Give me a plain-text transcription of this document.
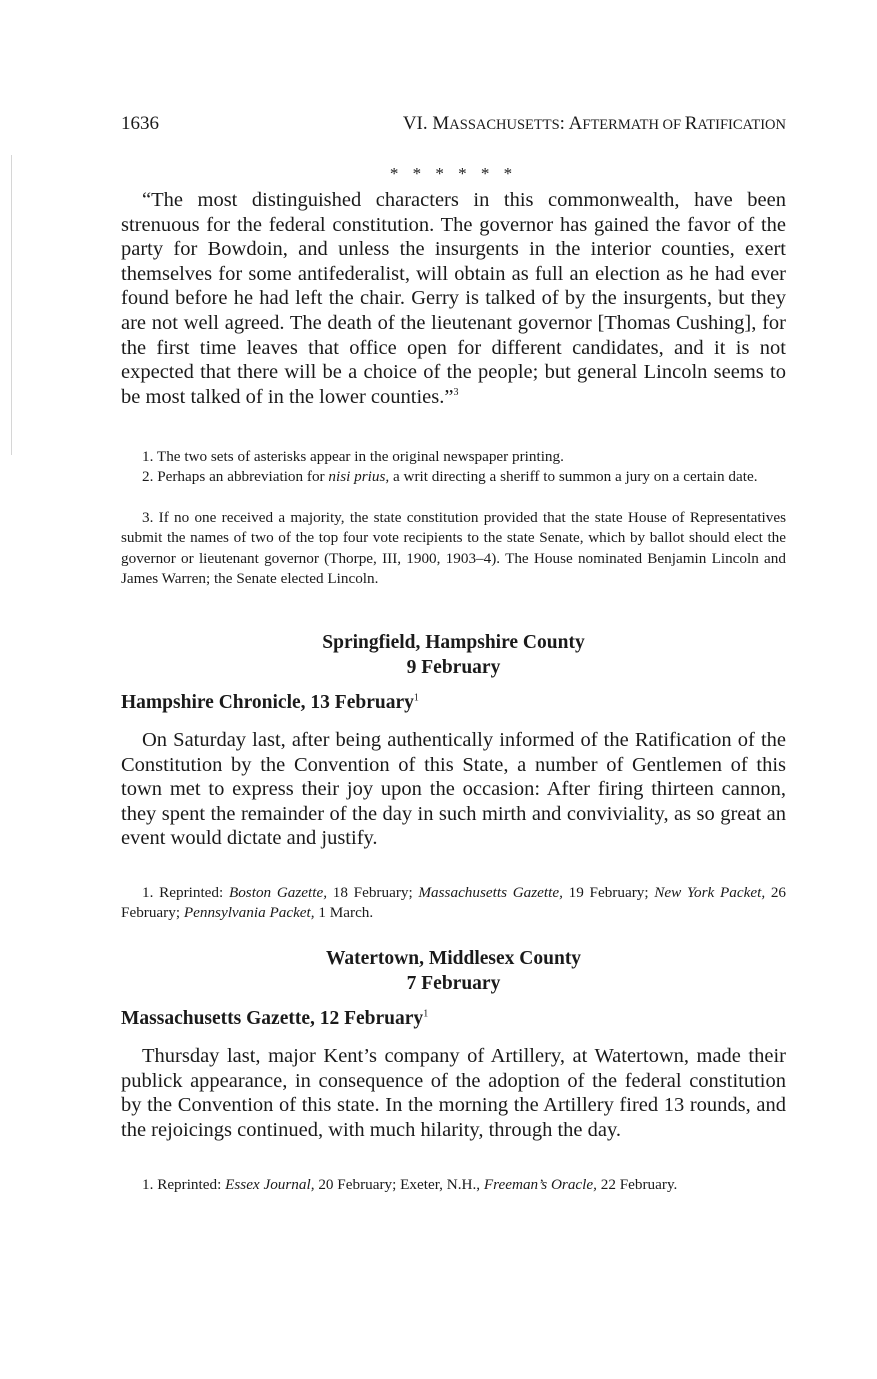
1636	VI. MASSACHUSETTS: AFTERMATH OF RATIFICATION
* * * * * *

“The most distinguished characters in this commonwealth, have been strenuous for the federal constitution. The governor has gained the favor of the party for Bowdoin, and unless the insurgents in the interior counties, exert themselves for some antifederalist, will obtain as full an election as he had ever found before he had left the chair. Gerry is talked of by the insurgents, but they are not well agreed. The death of the lieutenant governor [Thomas Cushing], for the first time leaves that office open for different candidates, and it is not expected that there will be a choice of the people; but general Lincoln seems to be most talked of in the lower counties.”$^3$

1. The two sets of asterisks appear in the original newspaper printing.

2. Perhaps an abbreviation for nisi prius, a writ directing a sheriff to summon a jury on a certain date.

3. If no one received a majority, the state constitution provided that the state House of Representatives submit the names of two of the top four vote recipients to the state Senate, which by ballot should elect the governor or lieutenant governor (Thorpe, III, 1900, 1903–4). The House nominated Benjamin Lincoln and James Warren; the Senate elected Lincoln.

Springfield, Hampshire County
9 February
Hampshire Chronicle, 13 February$^1$

On Saturday last, after being authentically informed of the Ratification of the Constitution by the Convention of this State, a number of Gentlemen of this town met to express their joy upon the occasion: After firing thirteen cannon, they spent the remainder of the day in such mirth and conviviality, as so great an event would dictate and justify.

1. Reprinted: Boston Gazette, 18 February; Massachusetts Gazette, 19 February; New York Packet, 26 February; Pennsylvania Packet, 1 March.

Watertown, Middlesex County
7 February
Massachusetts Gazette, 12 February$^1$

Thursday last, major Kent’s company of Artillery, at Watertown, made their publick appearance, in consequence of the adoption of the federal constitution by the Convention of this state. In the morning the Artillery fired 13 rounds, and the rejoicings continued, with much hilarity, through the day.

1. Reprinted: Essex Journal, 20 February; Exeter, N.H., Freeman’s Oracle, 22 February.
